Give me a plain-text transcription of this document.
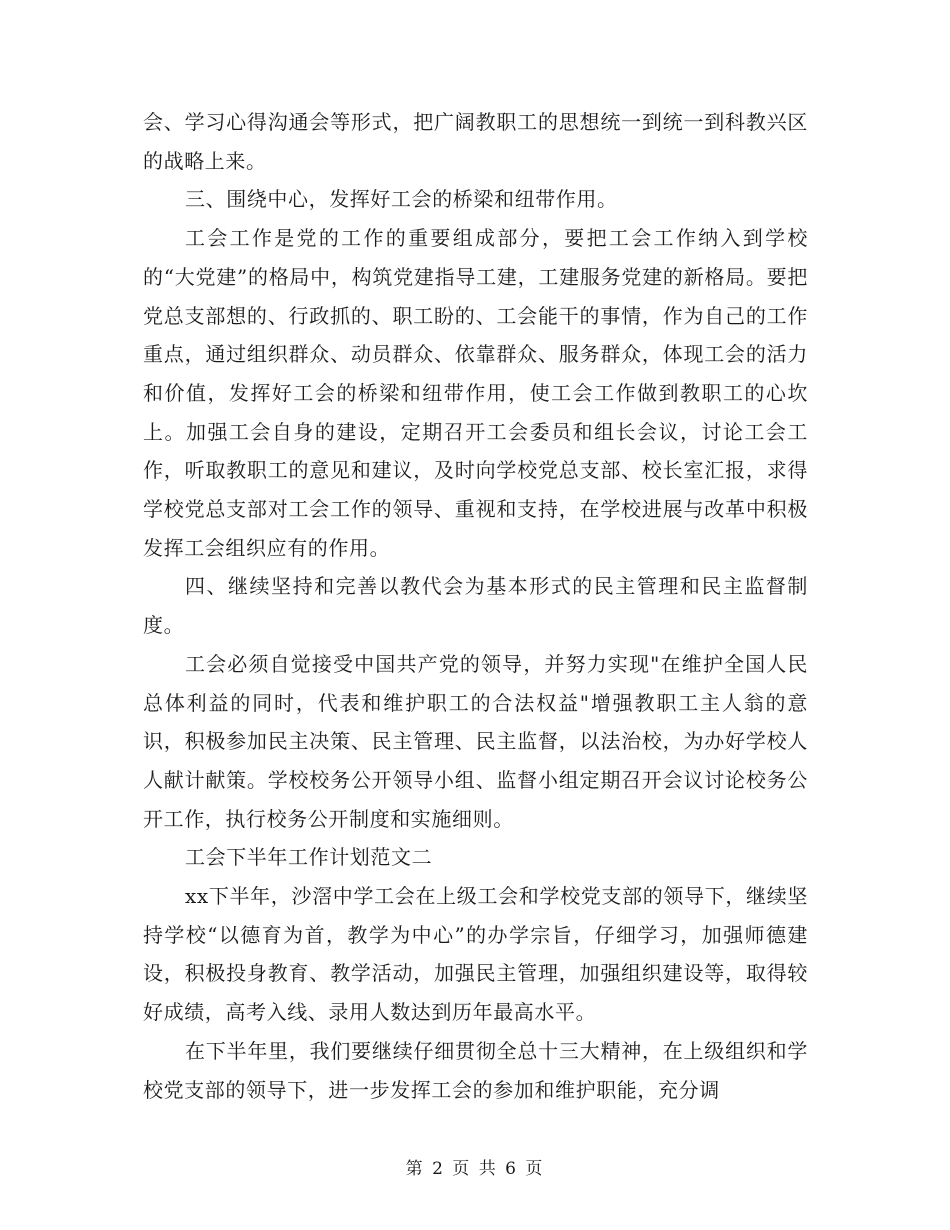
会、学习心得沟通会等形式，把广阔教职工的思想统一到统一到科教兴区的战略上来。

三、围绕中心，发挥好工会的桥梁和纽带作用。

工会工作是党的工作的重要组成部分，要把工会工作纳入到学校的“大党建”的格局中，构筑党建指导工建，工建服务党建的新格局。要把党总支部想的、行政抓的、职工盼的、工会能干的事情，作为自己的工作重点，通过组织群众、动员群众、依靠群众、服务群众，体现工会的活力和价值，发挥好工会的桥梁和纽带作用，使工会工作做到教职工的心坎上。加强工会自身的建设，定期召开工会委员和组长会议，讨论工会工作，听取教职工的意见和建议，及时向学校党总支部、校长室汇报，求得学校党总支部对工会工作的领导、重视和支持，在学校进展与改革中积极发挥工会组织应有的作用。

四、继续坚持和完善以教代会为基本形式的民主管理和民主监督制度。

工会必须自觉接受中国共产党的领导，并努力实现"在维护全国人民总体利益的同时，代表和维护职工的合法权益"增强教职工主人翁的意识，积极参加民主决策、民主管理、民主监督，以法治校，为办好学校人人献计献策。学校校务公开领导小组、监督小组定期召开会议讨论校务公开工作，执行校务公开制度和实施细则。

工会下半年工作计划范文二

xx下半年，沙滘中学工会在上级工会和学校党支部的领导下，继续坚持学校“以德育为首，教学为中心”的办学宗旨，仔细学习，加强师德建设，积极投身教育、教学活动，加强民主管理，加强组织建设等，取得较好成绩，高考入线、录用人数达到历年最高水平。

在下半年里，我们要继续仔细贯彻全总十三大精神，在上级组织和学校党支部的领导下，进一步发挥工会的参加和维护职能，充分调

第 2 页 共 6 页
